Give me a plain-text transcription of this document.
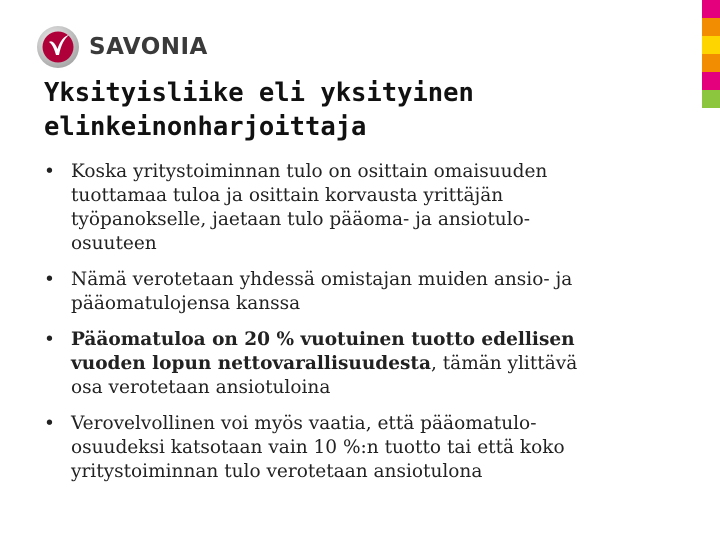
SAVONIA
Yksityisliike eli yksityinen
elinkeinonharjoittaja
• Koska yritystoiminnan tulo on osittain omaisuuden
tuottamaa tuloa ja osittain korvausta yrittäjän
työpanokselle, jaetaan tulo pääoma- ja ansiotulo-
osuuteen
• Nämä verotetaan yhdessä omistajan muiden ansio- ja
pääomatulojensa kanssa
• Pääomatuloa on 20 % vuotuinen tuotto edellisen
vuoden lopun nettovarallisuudesta, tämän ylittävä
osa verotetaan ansiotuloina
• Verovelvollinen voi myös vaatia, että pääomatulo-
osuudeksi katsotaan vain 10 %:n tuotto tai että koko
yritystoiminnan tulo verotetaan ansiotulona
